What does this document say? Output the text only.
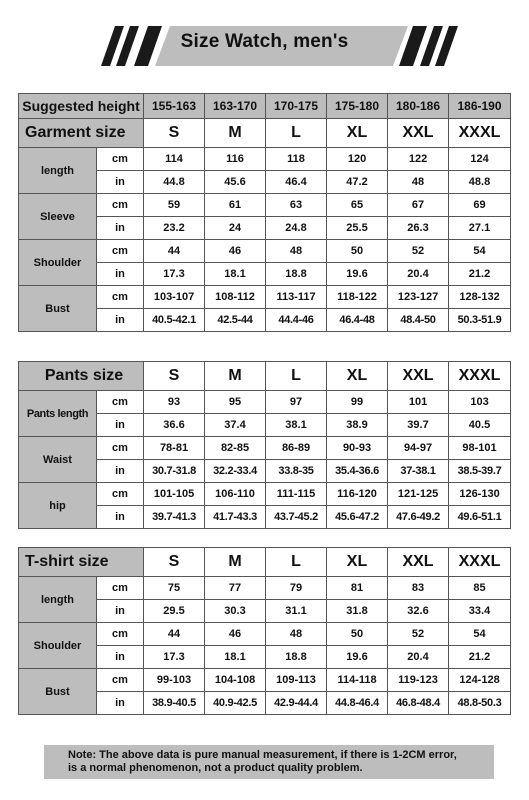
Size Watch, men's
Suggested height		155-163	163-170	170-175	175-180	180-186	186-190
Garment size		S	M	L	XL	XXL	XXXL
length	cm	114	116	118	120	122	124
	in	44.8	45.6	46.4	47.2	48	48.8
Sleeve	cm	59	61	63	65	67	69
	in	23.2	24	24.8	25.5	26.3	27.1
Shoulder	cm	44	46	48	50	52	54
	in	17.3	18.1	18.8	19.6	20.4	21.2
Bust	cm	103-107	108-112	113-117	118-122	123-127	128-132
	in	40.5-42.1	42.5-44	44.4-46	46.4-48	48.4-50	50.3-51.9
Pants size		S	M	L	XL	XXL	XXXL
Pants length	cm	93	95	97	99	101	103
	in	36.6	37.4	38.1	38.9	39.7	40.5
Waist	cm	78-81	82-85	86-89	90-93	94-97	98-101
	in	30.7-31.8	32.2-33.4	33.8-35	35.4-36.6	37-38.1	38.5-39.7
hip	cm	101-105	106-110	111-115	116-120	121-125	126-130
	in	39.7-41.3	41.7-43.3	43.7-45.2	45.6-47.2	47.6-49.2	49.6-51.1
T-shirt size		S	M	L	XL	XXL	XXXL
length	cm	75	77	79	81	83	85
	in	29.5	30.3	31.1	31.8	32.6	33.4
Shoulder	cm	44	46	48	50	52	54
	in	17.3	18.1	18.8	19.6	20.4	21.2
Bust	cm	99-103	104-108	109-113	114-118	119-123	124-128
	in	38.9-40.5	40.9-42.5	42.9-44.4	44.8-46.4	46.8-48.4	48.8-50.3
Note: The above data is pure manual measurement, if there is 1-2CM error,
is a normal phenomenon, not a product quality problem.
